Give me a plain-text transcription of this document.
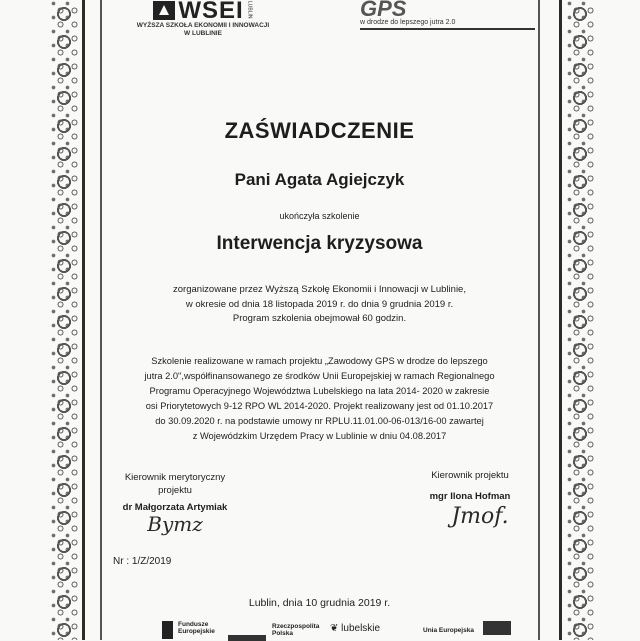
WSEI LUBLIN
WYŻSZA SZKOŁA EKONOMII I INNOWACJI
W LUBLINIE
GPS
w drodze do lepszego jutra 2.0
ZAŚWIADCZENIE
Pani Agata Agiejczyk
ukończyła szkolenie
Interwencja kryzysowa
zorganizowane przez Wyższą Szkołę Ekonomii i Innowacji w Lublinie,
w okresie od dnia 18 listopada 2019 r. do dnia 9 grudnia 2019 r.
Program szkolenia obejmował 60 godzin.
Szkolenie realizowane w ramach projektu „Zawodowy GPS w drodze do lepszego
jutra 2.0",współfinansowanego ze środków Unii Europejskiej w ramach Regionalnego
Programu Operacyjnego Województwa Lubelskiego na lata 2014- 2020 w zakresie
osi Priorytetowych 9-12 RPO WL 2014-2020. Projekt realizowany jest od 01.10.2017
do 30.09.2020 r. na podstawie umowy nr RPLU.11.01.00-06-013/16-00 zawartej
z Wojewódzkim Urzędem Pracy w Lublinie w dniu 04.08.2017
Kierownik merytoryczny
projektu
dr Małgorzata Artymiak
Bymz
Nr : 1/Z/2019
Kierownik projektu
mgr Ilona Hofman
Jmof.
Lublin, dnia 10 grudnia 2019 r.
Fundusze
Europejskie
Rzeczpospolita
Polska	❦ lubelskie	Unia Europejska
